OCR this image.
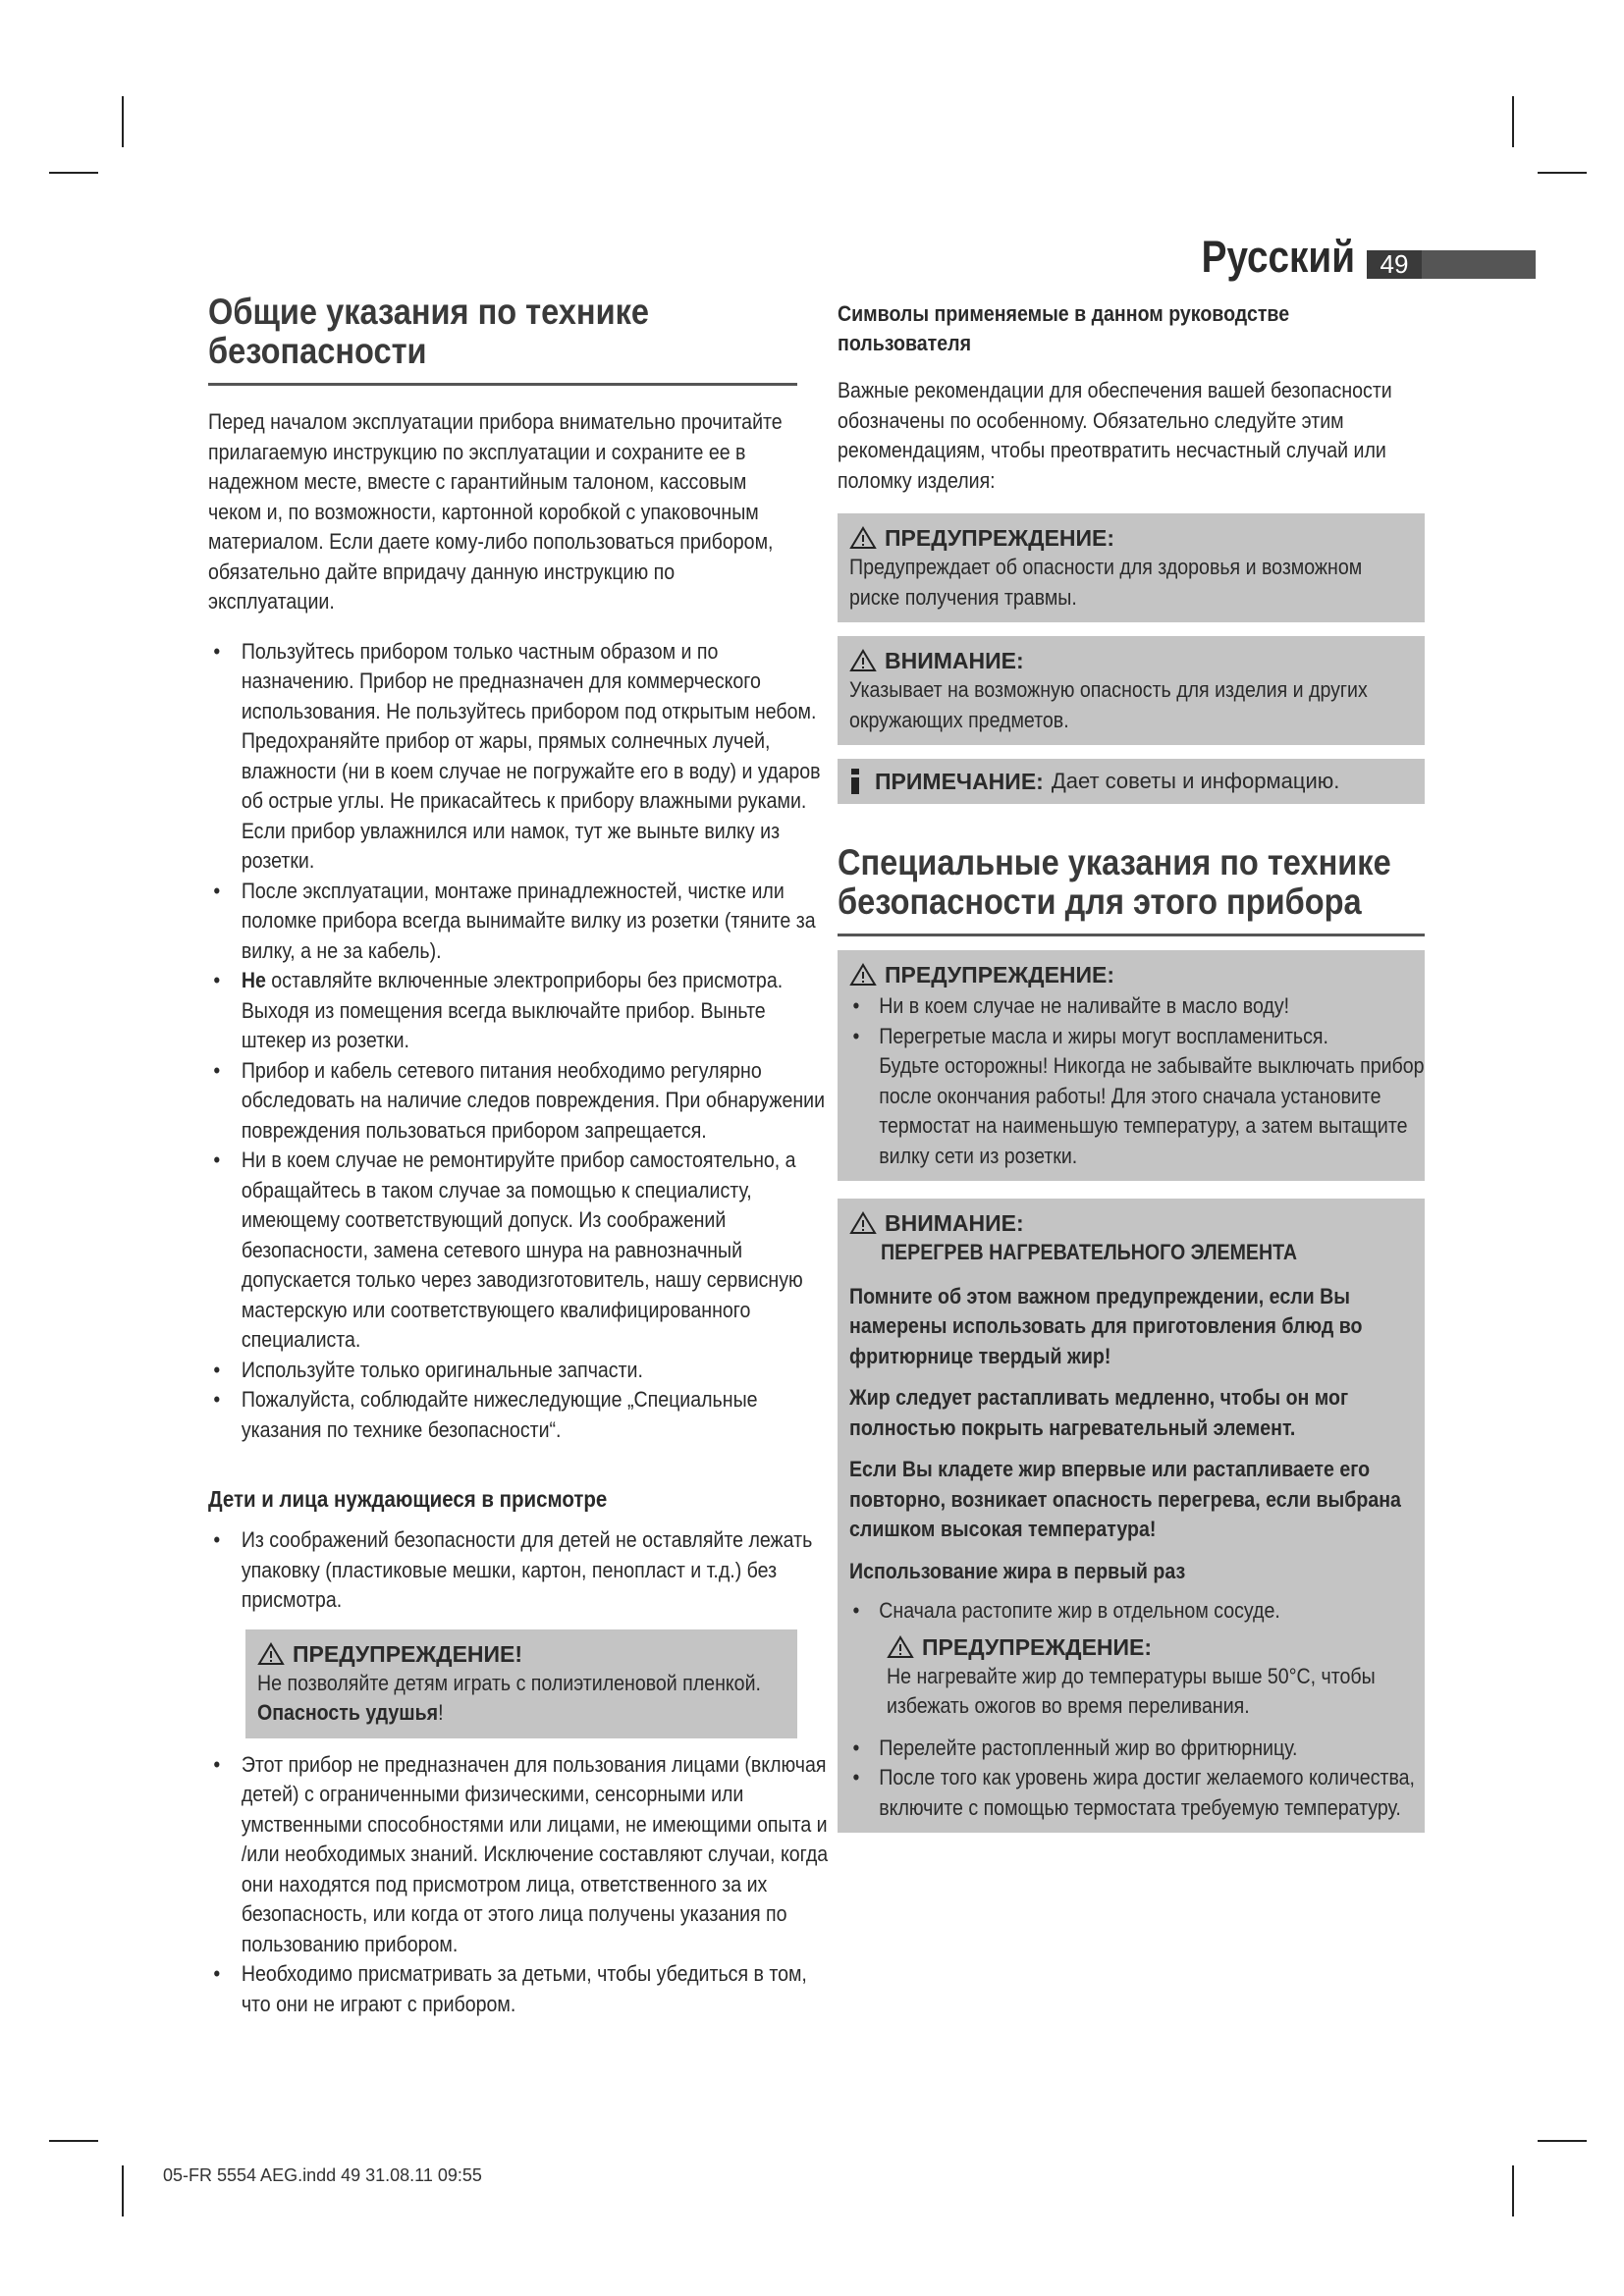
Русский 49
Общие указания по технике безопасности

Перед началом эксплуатации прибора внимательно прочитайте прилагаемую инструкцию по эксплуатации и сохраните ее в надежном месте, вместе с гарантийным талоном, кассовым чеком и, по возможности, картонной коробкой с упаковочным материалом. Если даете кому-либо попользоваться прибором, обязательно дайте впридачу данную инструкцию по эксплуатации.

• Пользуйтесь прибором только частным образом и по назначению. Прибор не предназначен для коммерческого использования. Не пользуйтесь прибором под открытым небом. Предохраняйте прибор от жары, прямых солнечных лучей, влажности (ни в коем случае не погружайте его в воду) и ударов об острые углы. Не прикасайтесь к прибору влажными руками. Если прибор увлажнился или намок, тут же выньте вилку из розетки.
• После эксплуатации, монтаже принадлежностей, чистке или поломке прибора всегда вынимайте вилку из розетки (тяните за вилку, а не за кабель).
• Не оставляйте включенные электроприборы без присмотра. Выходя из помещения всегда выключайте прибор. Выньте штекер из розетки.
• Прибор и кабель сетевого питания необходимо регулярно обследовать на наличие следов повреждения. При обнаружении повреждения пользоваться прибором запрещается.
• Ни в коем случае не ремонтируйте прибор самостоятельно, а обращайтесь в таком случае за помощью к специалисту, имеющему соответствующий допуск. Из соображений безопасности, замена сетевого шнура на равнозначный допускается только через заводизготовитель, нашу сервисную мастерскую или соответствующего квалифицированного специалиста.
• Используйте только оригинальные запчасти.
• Пожалуйста, соблюдайте нижеследующие „Специальные указания по технике безопасности“.
Дети и лица нуждающиеся в присмотре
• Из соображений безопасности для детей не оставляйте лежать упаковку (пластиковые мешки, картон, пенопласт и т.д.) без присмотра.
ПРЕДУПРЕЖДЕНИЕ!

Не позволяйте детям играть с полиэтиленовой пленкой. Опасность удушья!

• Этот прибор не предназначен для пользования лицами (включая детей) с ограниченными физическими, сенсорными или умственными способностями или лицами, не имеющими опыта и /или необходимых знаний. Исключение составляют случаи, когда они находятся под присмотром лица, ответственного за их безопасность, или когда от этого лица получены указания по пользованию прибором.
• Необходимо присматривать за детьми, чтобы убедиться в том, что они не играют с прибором.
Символы применяемые в данном руководстве пользователя

Важные рекомендации для обеспечения вашей безопасности обозначены по особенному. Обязательно следуйте этим рекомендациям, чтобы преотвратить несчастный случай или поломку изделия:

ПРЕДУПРЕЖДЕНИЕ:

Предупреждает об опасности для здоровья и возможном риске получения травмы.

ВНИМАНИЕ:

Указывает на возможную опасность для изделия и других окружающих предметов.

ПРИМЕЧАНИЕ: Дает советы и информацию.
Специальные указания по технике безопасности для этого прибора
ПРЕДУПРЕЖДЕНИЕ:
• Ни в коем случае не наливайте в масло воду!
• Перегретые масла и жиры могут воспламениться.
Будьте осторожны! Никогда не забывайте выключать прибор после окончания работы! Для этого сначала установите термостат на наименьшую температуру, а затем вытащите вилку сети из розетки.
ВНИМАНИЕ:
ПЕРЕГРЕВ НАГРЕВАТЕЛЬНОГО ЭЛЕМЕНТА

Помните об этом важном предупреждении, если Вы намерены использовать для приготовления блюд во фритюрнице твердый жир!

Жир следует растапливать медленно, чтобы он мог полностью покрыть нагревательный элемент.

Если Вы кладете жир впервые или растапливаете его повторно, возникает опасность перегрева, если выбрана слишком высокая температура!

Использование жира в первый раз

• Сначала растопите жир в отдельном сосуде.
ПРЕДУПРЕЖДЕНИЕ:

Не нагревайте жир до температуры выше 50°C, чтобы избежать ожогов во время переливания.

• Перелейте растопленный жир во фритюрницу.
• После того как уровень жира достиг желаемого количества, включите с помощью термостата требуемую температуру.
05-FR 5554 AEG.indd 49 31.08.11 09:55
